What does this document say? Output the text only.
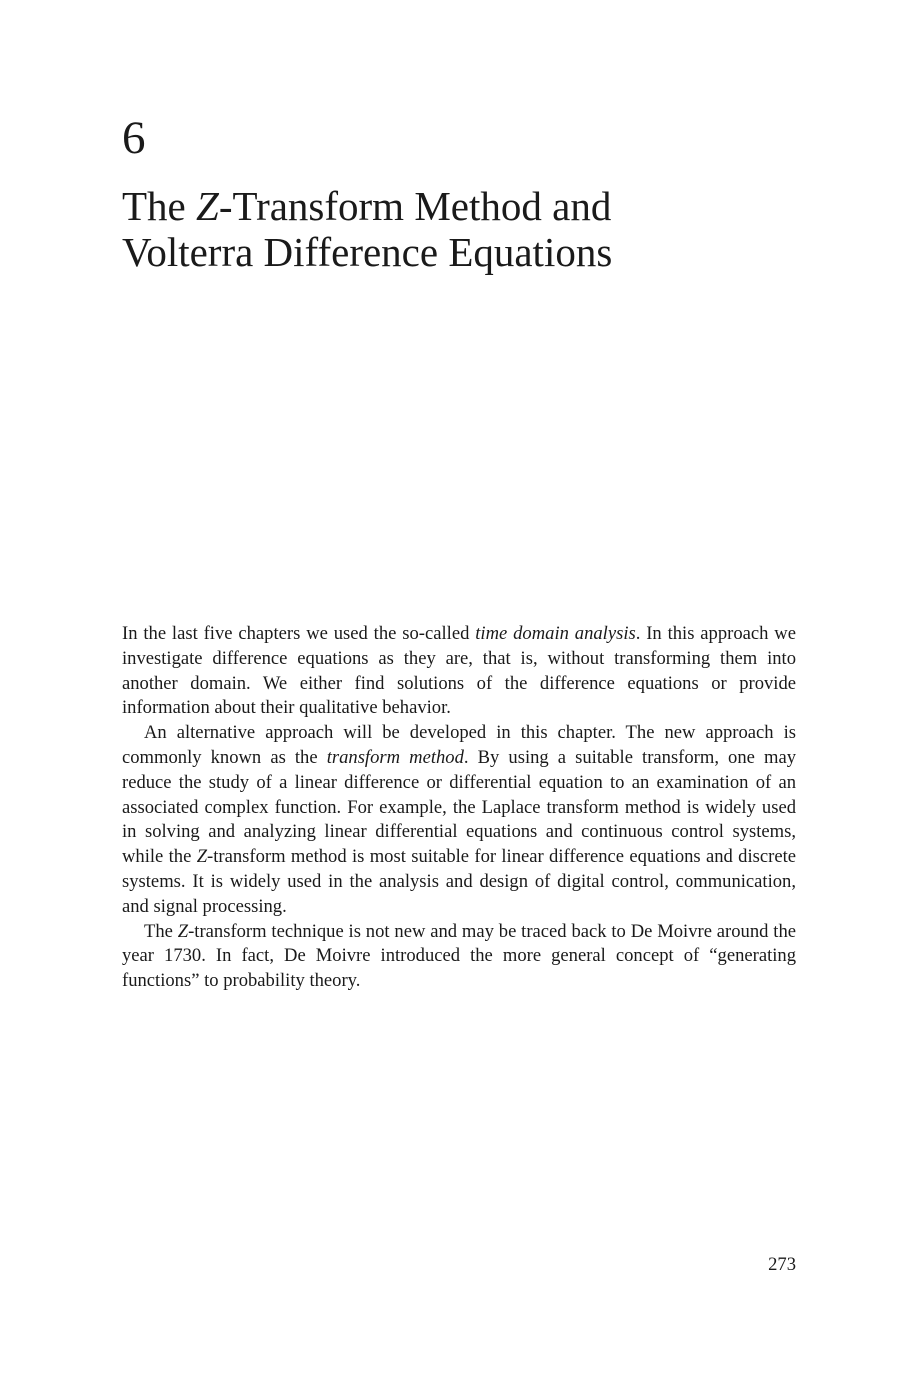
6
The Z-Transform Method and
Volterra Difference Equations

In the last five chapters we used the so-called time domain analysis. In this approach we investigate difference equations as they are, that is, without transforming them into another domain. We either find solutions of the difference equations or provide information about their qualitative behavior.

An alternative approach will be developed in this chapter. The new approach is commonly known as the transform method. By using a suitable transform, one may reduce the study of a linear difference or differential equation to an examination of an associated complex function. For example, the Laplace transform method is widely used in solving and analyzing linear differential equations and continuous control systems, while the Z-transform method is most suitable for linear difference equations and discrete systems. It is widely used in the analysis and design of digital control, communication, and signal processing.

The Z-transform technique is not new and may be traced back to De Moivre around the year 1730. In fact, De Moivre introduced the more general concept of “generating functions” to probability theory.

273
